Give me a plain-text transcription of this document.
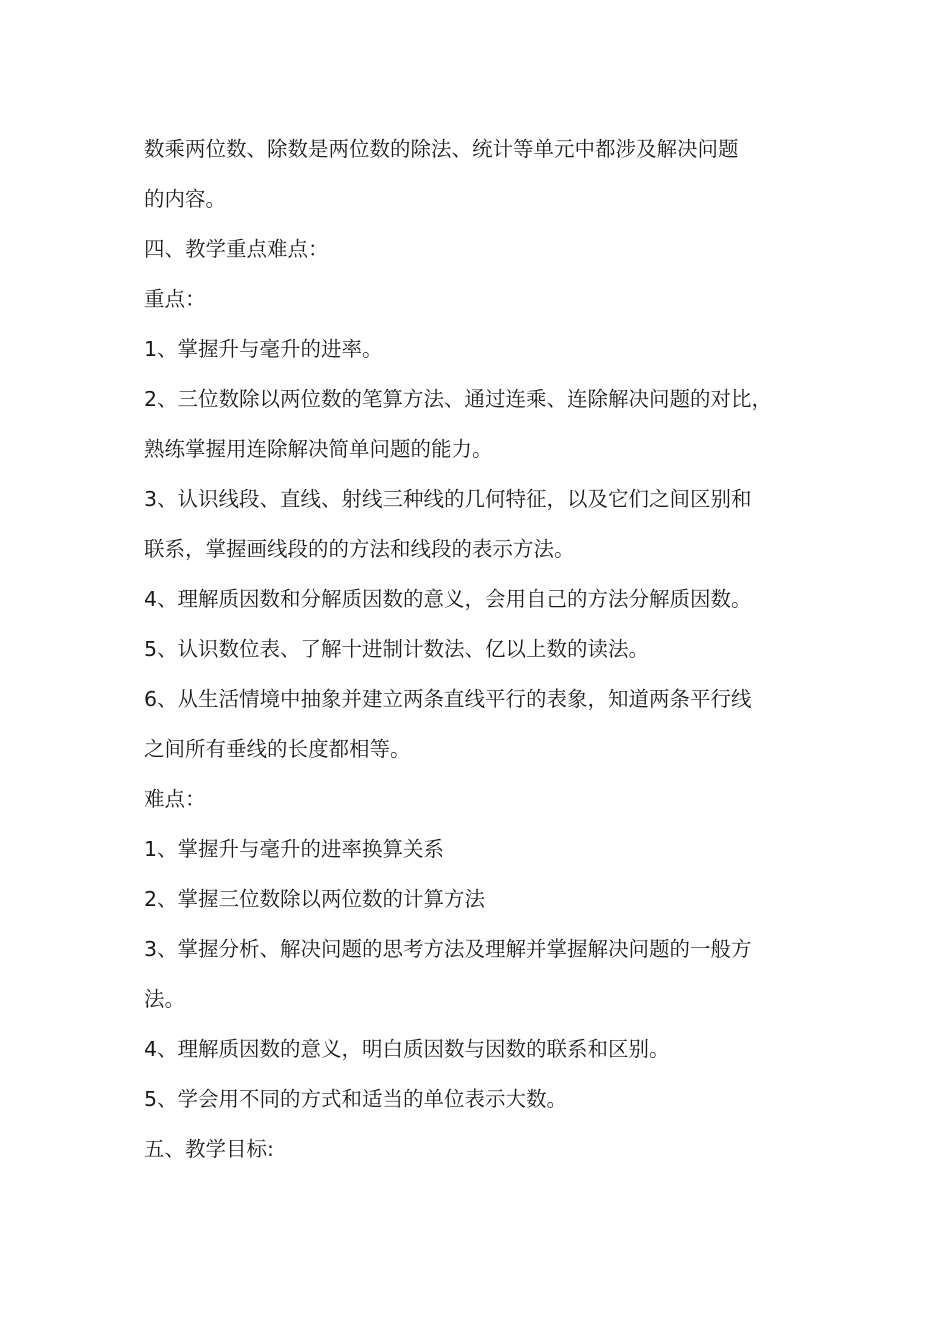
数乘两位数、除数是两位数的除法、统计等单元中都涉及解决问题
的内容。
四、教学重点难点：
重点：
1、掌握升与毫升的进率。
2、三位数除以两位数的笔算方法、通过连乘、连除解决问题的对比，
熟练掌握用连除解决简单问题的能力。
3、认识线段、直线、射线三种线的几何特征，以及它们之间区别和
联系，掌握画线段的的方法和线段的表示方法。
4、理解质因数和分解质因数的意义，会用自己的方法分解质因数。
5、认识数位表、了解十进制计数法、亿以上数的读法。
6、从生活情境中抽象并建立两条直线平行的表象，知道两条平行线
之间所有垂线的长度都相等。
难点：
1、掌握升与毫升的进率换算关系
2、掌握三位数除以两位数的计算方法
3、掌握分析、解决问题的思考方法及理解并掌握解决问题的一般方
法。
4、理解质因数的意义，明白质因数与因数的联系和区别。
5、学会用不同的方式和适当的单位表示大数。
五、教学目标:
